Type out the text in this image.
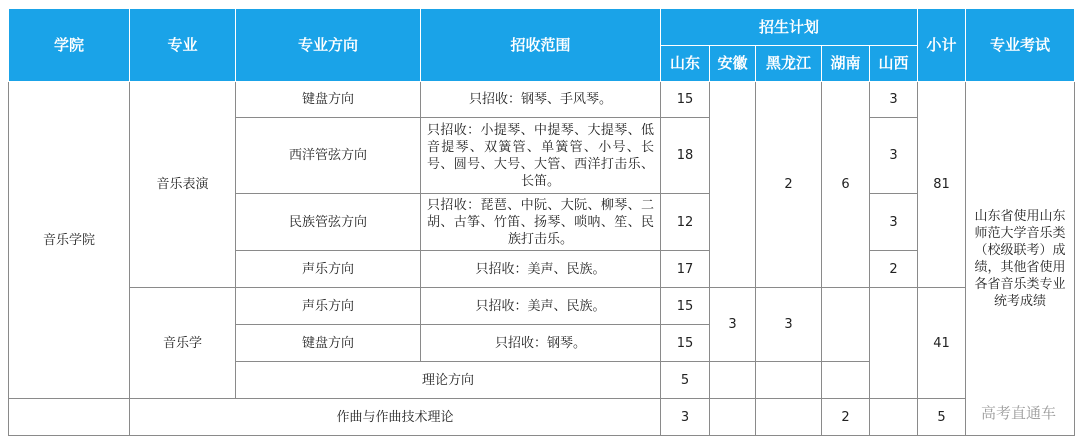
学院	专业	专业方向	招收范围	招生计划					小计	专业考试
				山东	安徽	黑龙江	湖南	山西		
音乐学院	音乐表演	键盘方向	只招收：钢琴、手风琴。	15		2	6	3	81	山东省使用山东师范大学音乐类（校级联考）成绩，其他省使用各省音乐类专业统考成绩
		西洋管弦方向	只招收：小提琴、中提琴、大提琴、低音提琴、双簧管、单簧管、小号、长号、圆号、大号、大管、西洋打击乐、长笛。	18				3		
		民族管弦方向	只招收：琵琶、中阮、大阮、柳琴、二胡、古筝、竹笛、扬琴、唢呐、笙、民族打击乐。	12				3		
		声乐方向	只招收：美声、民族。	17				2		
	音乐学	声乐方向	只招收：美声、民族。	15	3	3			41	
		键盘方向	只招收：钢琴。	15						
		理论方向		5						
	作曲与作曲技术理论			3			2		5	高考直通车
